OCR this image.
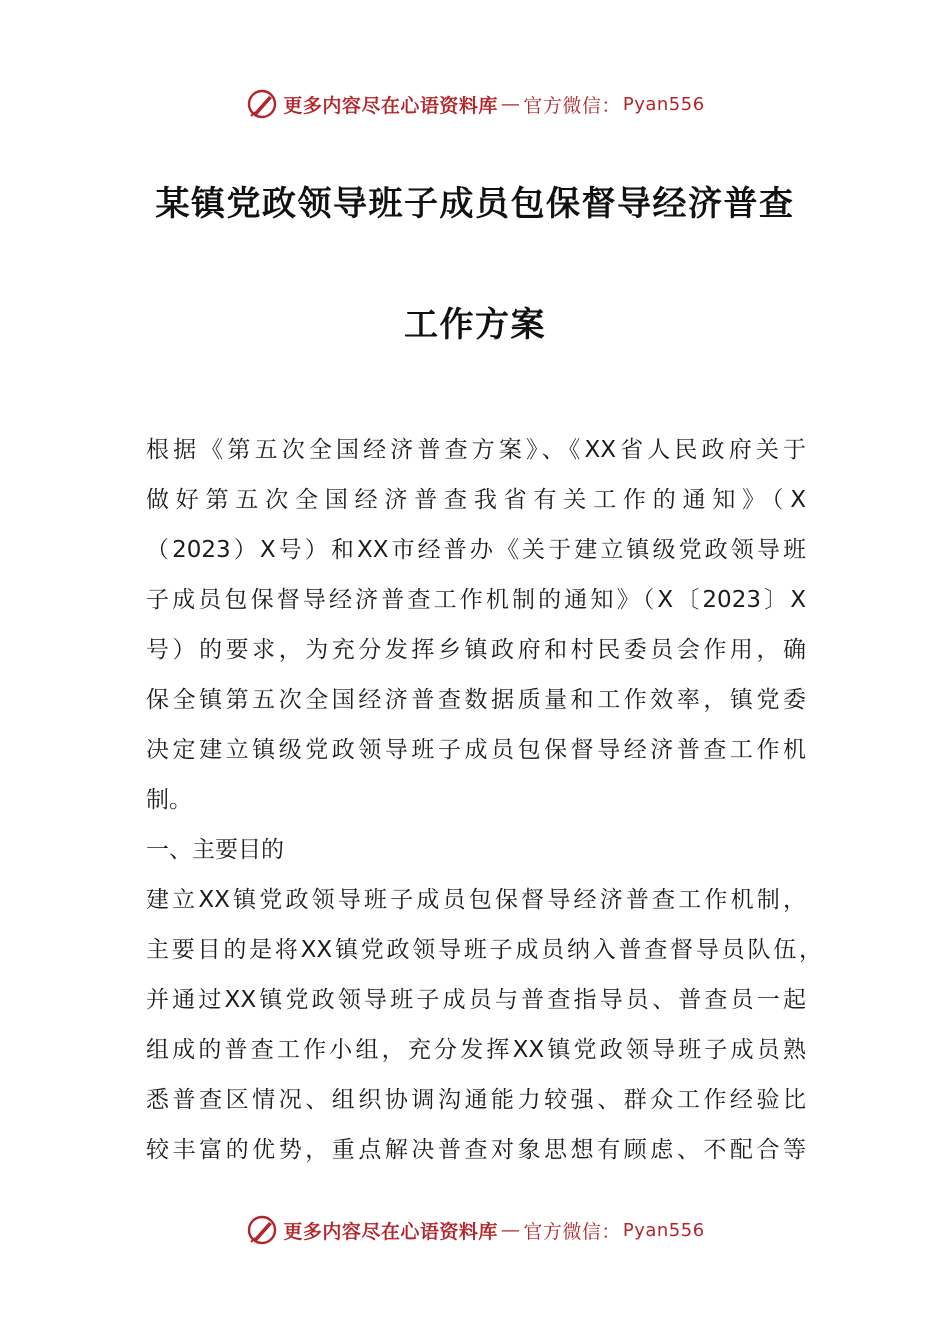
更多内容尽在心语资料库 — 官方微信： Pyan556
某镇党政领导班子成员包保督导经济普查
工作方案
根据《第五次全国经济普查方案》、《XX省人民政府关于
做好第五次全国经济普查我省有关工作的通知》（X
（2023）X号）和XX市经普办《关于建立镇级党政领导班
子成员包保督导经济普查工作机制的通知》（X〔2023〕X
号）的要求，为充分发挥乡镇政府和村民委员会作用，确
保全镇第五次全国经济普查数据质量和工作效率，镇党委
决定建立镇级党政领导班子成员包保督导经济普查工作机
制。
一、主要目的
建立XX镇党政领导班子成员包保督导经济普查工作机制，
主要目的是将XX镇党政领导班子成员纳入普查督导员队伍，
并通过XX镇党政领导班子成员与普查指导员、普查员一起
组成的普查工作小组，充分发挥XX镇党政领导班子成员熟
悉普查区情况、组织协调沟通能力较强、群众工作经验比
较丰富的优势，重点解决普查对象思想有顾虑、不配合等
更多内容尽在心语资料库 — 官方微信： Pyan556
